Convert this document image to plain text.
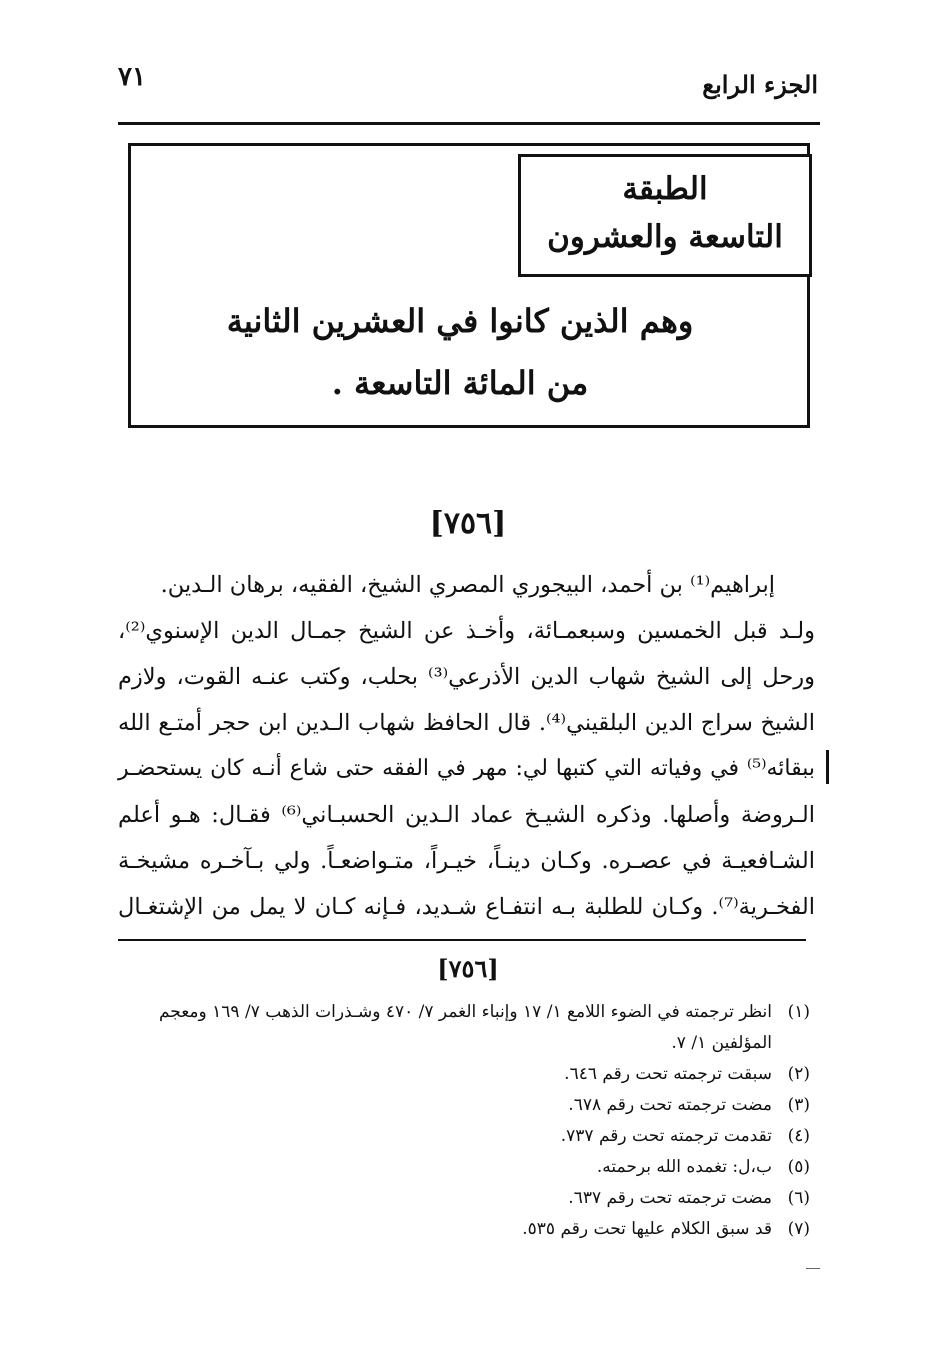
٧١	الجزء الرابع
الطبقة
التاسعة والعشرون
وهم الذين كانوا في العشرين الثانية
من المائة التاسعة .
[٧٥٦]
إبراهيم⁽¹⁾ بن أحمد، البيجوري المصري الشيخ، الفقيه، برهان الـدين.
ولـد قبل الخمسين وسبعمـائة، وأخـذ عن الشيخ جمـال الدين الإسنوي⁽²⁾،
ورحل إلى الشيخ شهاب الدين الأذرعي⁽³⁾ بحلب، وكتب عنـه القوت، ولازم
الشيخ سراج الدين البلقيني⁽⁴⁾. قال الحافظ شهاب الـدين ابن حجر أمتـع الله
ببقائه⁽⁵⁾ في وفياته التي كتبها لي: مهر في الفقه حتى شاع أنـه كان يستحضـر
الـروضة وأصلها. وذكره الشيـخ عماد الـدين الحسبـاني⁽⁶⁾ فقـال: هـو أعلم
الشـافعيـة في عصـره. وكـان دينـاً، خيـراً، متـواضعـاً. ولي بـآخـره مشيخـة
الفخـرية⁽⁷⁾. وكـان للطلبة بـه انتفـاع شـديد، فـإنه كـان لا يمل من الإشتغـال
[٧٥٦]
(١)انظر ترجمته في الضوء اللامع ١/ ١٧ وإنباء الغمر ٧/ ٤٧٠ وشـذرات الذهب ٧/ ١٦٩ ومعجم
المؤلفين ١/ ٧.
(٢)سبقت ترجمته تحت رقم ٦٤٦.
(٣)مضت ترجمته تحت رقم ٦٧٨.
(٤)تقدمت ترجمته تحت رقم ٧٣٧.
(٥)ب،ل: تغمده الله برحمته.
(٦)مضت ترجمته تحت رقم ٦٣٧.
(٧)قد سبق الكلام عليها تحت رقم ٥٣٥.
